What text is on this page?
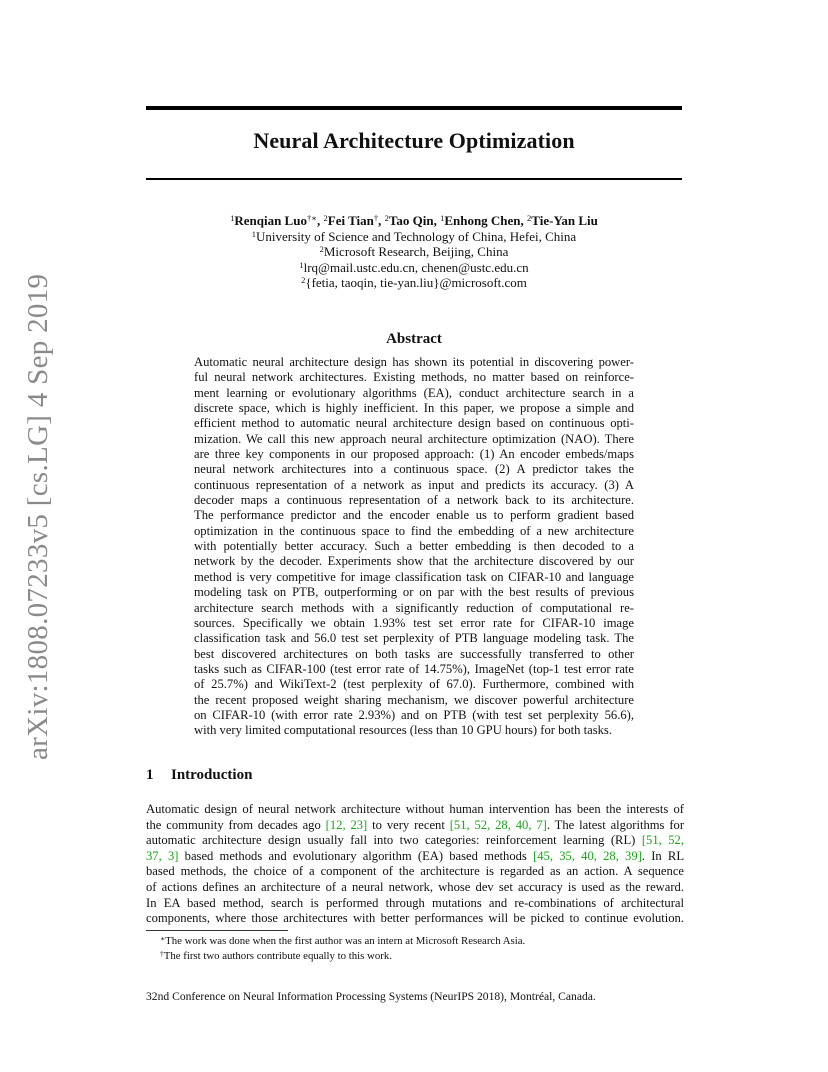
arXiv:1808.07233v5 [cs.LG] 4 Sep 2019
Neural Architecture Optimization
$^1$Renqian Luo†∗, $^2$Fei Tian†, $^2$Tao Qin, $^1$Enhong Chen, $^2$Tie-Yan Liu
$^1$University of Science and Technology of China, Hefei, China
$^2$Microsoft Research, Beijing, China
$^1$lrq@mail.ustc.edu.cn, chenen@ustc.edu.cn
$^2${fetia, taoqin, tie-yan.liu}@microsoft.com
Abstract
Automatic neural architecture design has shown its potential in discovering power-
ful neural network architectures. Existing methods, no matter based on reinforce-
ment learning or evolutionary algorithms (EA), conduct architecture search in a
discrete space, which is highly inefficient. In this paper, we propose a simple and
efficient method to automatic neural architecture design based on continuous opti-
mization. We call this new approach neural architecture optimization (NAO). There
are three key components in our proposed approach: (1) An encoder embeds/maps
neural network architectures into a continuous space. (2) A predictor takes the
continuous representation of a network as input and predicts its accuracy. (3) A
decoder maps a continuous representation of a network back to its architecture.
The performance predictor and the encoder enable us to perform gradient based
optimization in the continuous space to find the embedding of a new architecture
with potentially better accuracy. Such a better embedding is then decoded to a
network by the decoder. Experiments show that the architecture discovered by our
method is very competitive for image classification task on CIFAR-10 and language
modeling task on PTB, outperforming or on par with the best results of previous
architecture search methods with a significantly reduction of computational re-
sources. Specifically we obtain 1.93% test set error rate for CIFAR-10 image
classification task and 56.0 test set perplexity of PTB language modeling task. The
best discovered architectures on both tasks are successfully transferred to other
tasks such as CIFAR-100 (test error rate of 14.75%), ImageNet (top-1 test error rate
of 25.7%) and WikiText-2 (test perplexity of 67.0). Furthermore, combined with
the recent proposed weight sharing mechanism, we discover powerful architecture
on CIFAR-10 (with error rate 2.93%) and on PTB (with test set perplexity 56.6),
with very limited computational resources (less than 10 GPU hours) for both tasks.
1 Introduction
Automatic design of neural network architecture without human intervention has been the interests of
the community from decades ago [12, 23] to very recent [51, 52, 28, 40, 7]. The latest algorithms for
automatic architecture design usually fall into two categories: reinforcement learning (RL) [51, 52,
37, 3] based methods and evolutionary algorithm (EA) based methods [45, 35, 40, 28, 39]. In RL
based methods, the choice of a component of the architecture is regarded as an action. A sequence
of actions defines an architecture of a neural network, whose dev set accuracy is used as the reward.
In EA based method, search is performed through mutations and re-combinations of architectural
components, where those architectures with better performances will be picked to continue evolution.
∗The work was done when the first author was an intern at Microsoft Research Asia.
†The first two authors contribute equally to this work.
32nd Conference on Neural Information Processing Systems (NeurIPS 2018), Montréal, Canada.
